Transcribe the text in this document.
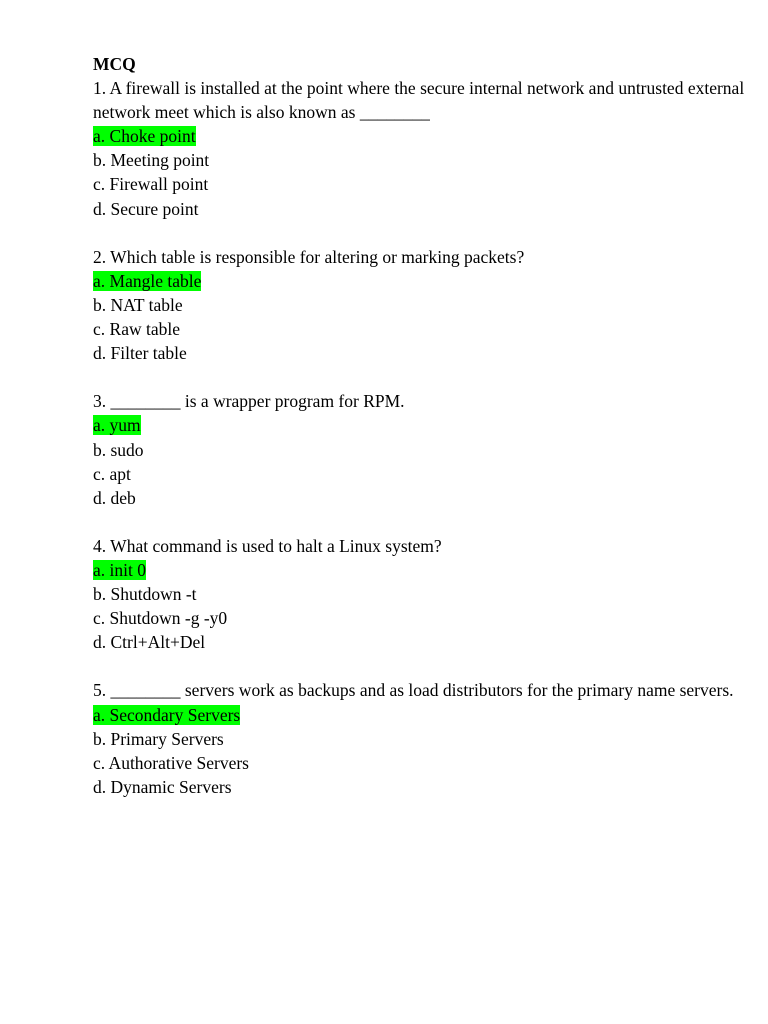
MCQ
1. A firewall is installed at the point where the secure internal network and untrusted external network meet which is also known as ________
a. Choke point
b. Meeting point
c. Firewall point
d. Secure point
2. Which table is responsible for altering or marking packets?
a. Mangle table
b. NAT table
c. Raw table
d. Filter table
3. ________ is a wrapper program for RPM.
a. yum
b. sudo
c. apt
d. deb
4. What command is used to halt a Linux system?
a. init 0
b. Shutdown -t
c. Shutdown -g -y0
d. Ctrl+Alt+Del
5. ________ servers work as backups and as load distributors for the primary name servers.
a. Secondary Servers
b. Primary Servers
c. Authorative Servers
d. Dynamic Servers
